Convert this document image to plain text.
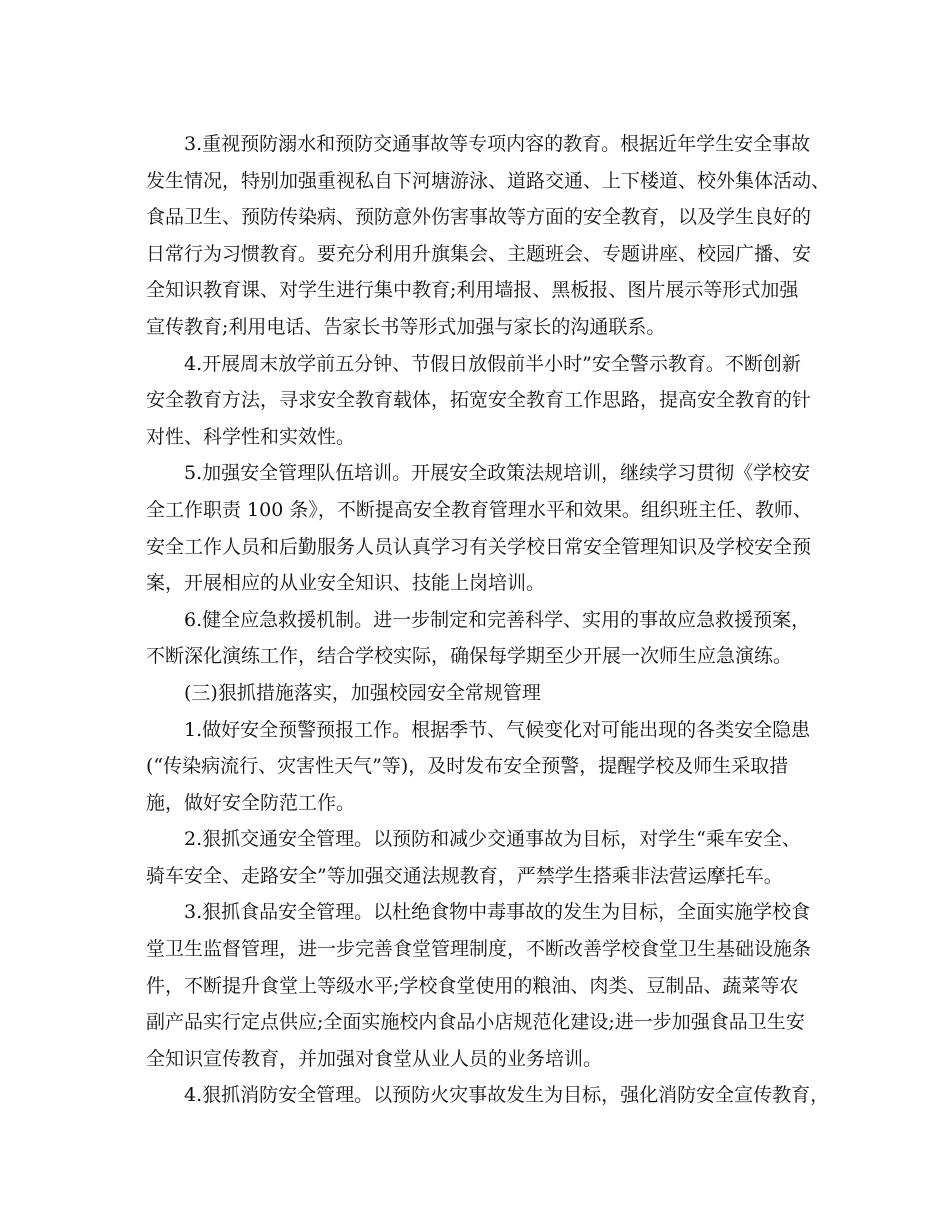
3.重视预防溺水和预防交通事故等专项内容的教育。根据近年学生安全事故
发生情况，特别加强重视私自下河塘游泳、道路交通、上下楼道、校外集体活动、
食品卫生、预防传染病、预防意外伤害事故等方面的安全教育，以及学生良好的
日常行为习惯教育。要充分利用升旗集会、主题班会、专题讲座、校园广播、安
全知识教育课、对学生进行集中教育;利用墙报、黑板报、图片展示等形式加强
宣传教育;利用电话、告家长书等形式加强与家长的沟通联系。
4.开展周末放学前五分钟、节假日放假前半小时”安全警示教育。不断创新
安全教育方法，寻求安全教育载体，拓宽安全教育工作思路，提高安全教育的针
对性、科学性和实效性。
5.加强安全管理队伍培训。开展安全政策法规培训，继续学习贯彻《学校安
全工作职责 100 条》，不断提高安全教育管理水平和效果。组织班主任、教师、
安全工作人员和后勤服务人员认真学习有关学校日常安全管理知识及学校安全预
案，开展相应的从业安全知识、技能上岗培训。
6.健全应急救援机制。进一步制定和完善科学、实用的事故应急救援预案，
不断深化演练工作，结合学校实际，确保每学期至少开展一次师生应急演练。
(三)狠抓措施落实，加强校园安全常规管理
1.做好安全预警预报工作。根据季节、气候变化对可能出现的各类安全隐患
(“传染病流行、灾害性天气”等)，及时发布安全预警，提醒学校及师生采取措
施，做好安全防范工作。
2.狠抓交通安全管理。以预防和减少交通事故为目标，对学生“乘车安全、
骑车安全、走路安全”等加强交通法规教育，严禁学生搭乘非法营运摩托车。
3.狠抓食品安全管理。以杜绝食物中毒事故的发生为目标，全面实施学校食
堂卫生监督管理，进一步完善食堂管理制度，不断改善学校食堂卫生基础设施条
件，不断提升食堂上等级水平;学校食堂使用的粮油、肉类、豆制品、蔬菜等农
副产品实行定点供应;全面实施校内食品小店规范化建设;进一步加强食品卫生安
全知识宣传教育，并加强对食堂从业人员的业务培训。
4.狠抓消防安全管理。以预防火灾事故发生为目标，强化消防安全宣传教育，
